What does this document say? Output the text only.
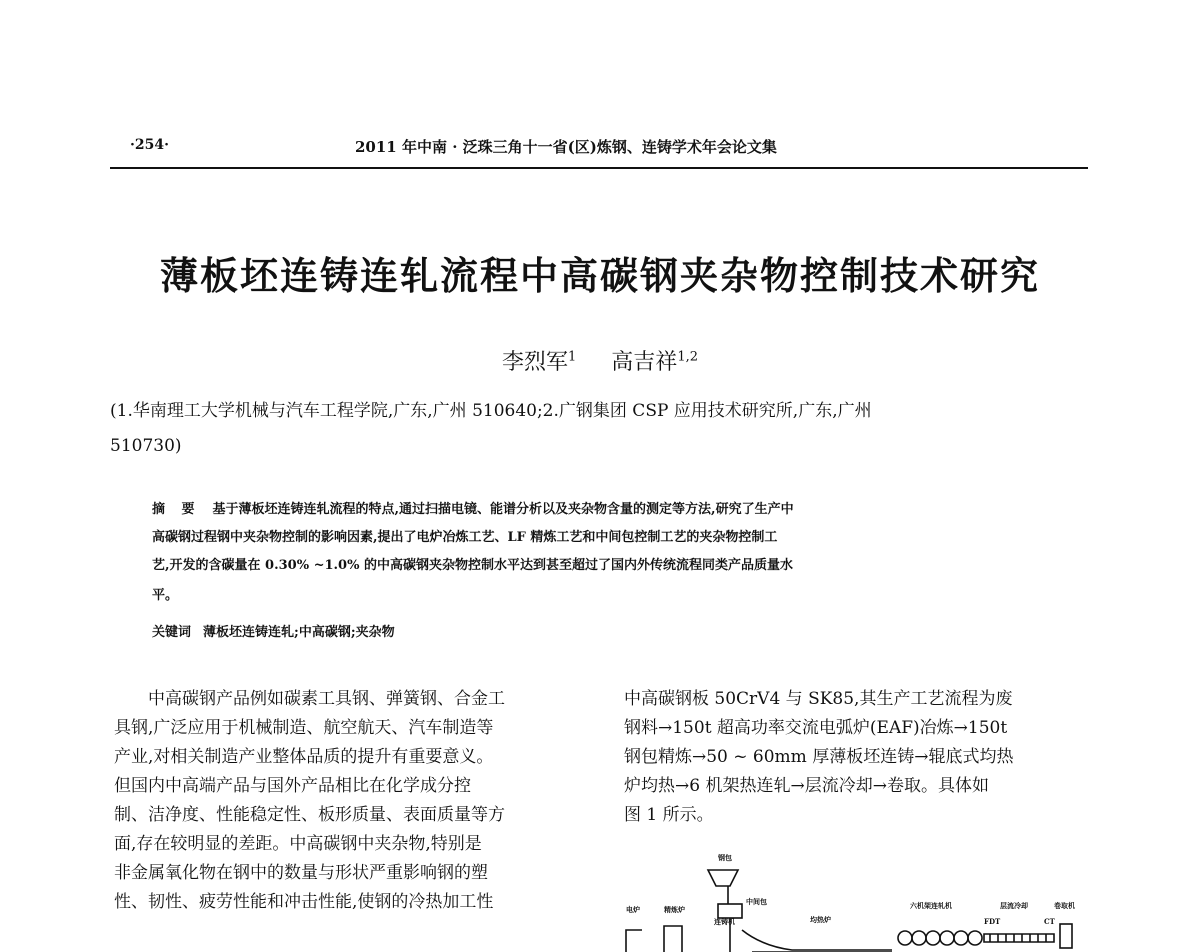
·254·	2011 年中南 · 泛珠三角十一省(区)炼钢、连铸学术年会论文集
薄板坯连铸连轧流程中高碳钢夹杂物控制技术研究
李烈军$^1$ 高吉祥$^{1,2}$
(1.华南理工大学机械与汽车工程学院,广东,广州 510640;2.广钢集团 CSP 应用技术研究所,广东,广州
510730)
摘 要 基于薄板坯连铸连轧流程的特点,通过扫描电镜、能谱分析以及夹杂物含量的测定等方法,研究了生产中
高碳钢过程钢中夹杂物控制的影响因素,提出了电炉冶炼工艺、LF 精炼工艺和中间包控制工艺的夹杂物控制工
艺,开发的含碳量在 0.30% ~1.0% 的中高碳钢夹杂物控制水平达到甚至超过了国内外传统流程同类产品质量水
平。
关键词 薄板坯连铸连轧;中高碳钢;夹杂物
中高碳钢产品例如碳素工具钢、弹簧钢、合金工
具钢,广泛应用于机械制造、航空航天、汽车制造等
产业,对相关制造产业整体品质的提升有重要意义。
但国内中高端产品与国外产品相比在化学成分控
制、洁净度、性能稳定性、板形质量、表面质量等方
面,存在较明显的差距。中高碳钢中夹杂物,特别是
非金属氧化物在钢中的数量与形状严重影响钢的塑
性、韧性、疲劳性能和冲击性能,使钢的冷热加工性
中高碳钢板 50CrV4 与 SK85,其生产工艺流程为废
钢料→150t 超高功率交流电弧炉(EAF)冶炼→150t
钢包精炼→50 ~ 60mm 厚薄板坯连铸→辊底式均热
炉均热→6 机架热连轧→层流冷却→卷取。具体如
图 1 所示。
钢包
中间包
电炉	精炼炉
连铸机	均热炉
六机架连轧机	层流冷却	卷取机
FDT	CT
